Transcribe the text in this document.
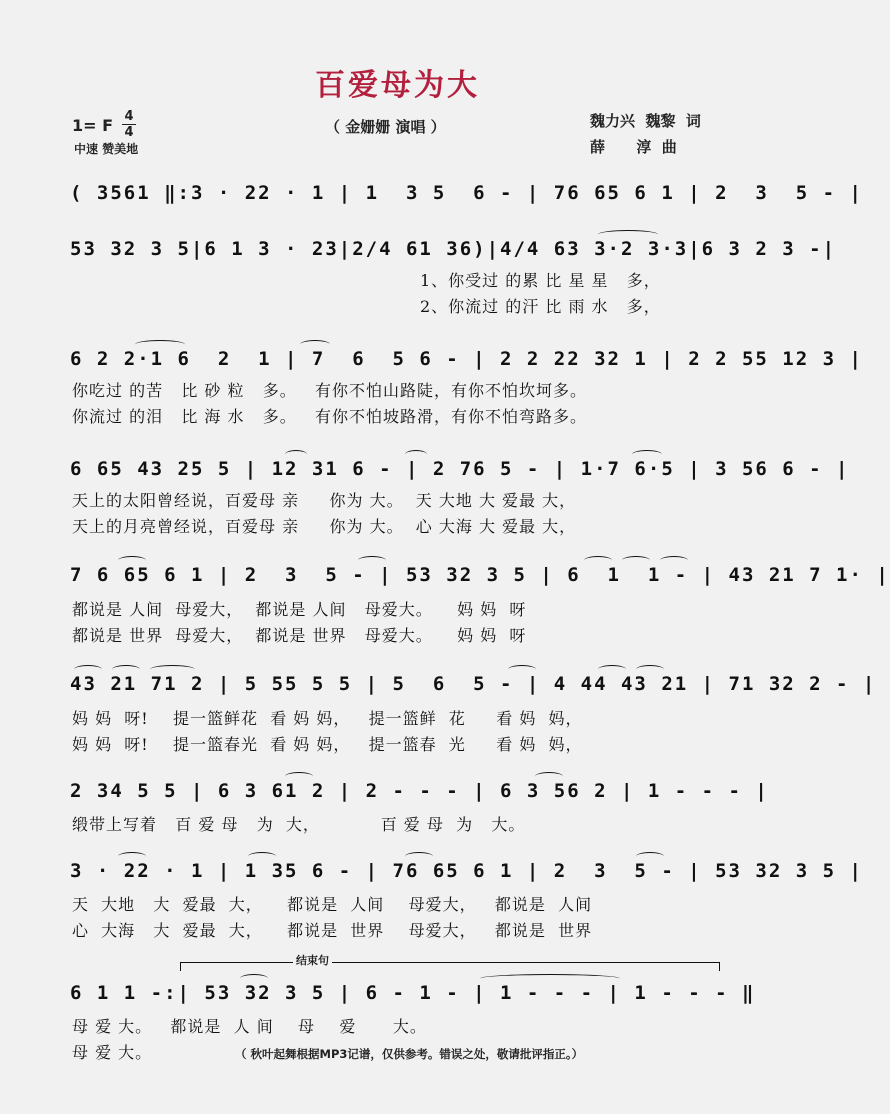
百爱母为大
（ 金姗姗 演唱 ）
1= F 4
4
中速 赞美地
魏力兴  魏黎  词
薛      淳  曲
( 3561 ‖:3 · 22 · 1 | 1  3 5  6 - | 76 65 6 1 | 2  3  5 - |
53 32 3 5|6 1 3 · 23|2/4 61 36)|4/4 63 3·2 3·3|6 3 2 3 -|
1、你受过 的累 比 星 星   多，
2、你流过 的汗 比 雨 水   多，
6 2 2·1 6  2  1 | 7  6  5 6 - | 2 2 22 32 1 | 2 2 55 12 3 |
你吃过 的苦   比 砂 粒   多。   有你不怕山路陡，有你不怕坎坷多。
你流过 的泪   比 海 水   多。   有你不怕坡路滑，有你不怕弯路多。
6 65 43 25 5 | 12 31 6 - | 2 76 5 - | 1·7 6·5 | 3 56 6 - |
天上的太阳曾经说，百爱母 亲     你为 大。  天 大地 大 爱最 大，
天上的月亮曾经说，百爱母 亲     你为 大。  心 大海 大 爱最 大，
7 6 65 6 1 | 2  3  5 - | 53 32 3 5 | 6  1  1 - | 43 21 7 1· |
都说是 人间  母爱大，  都说是 人间   母爱大。    妈 妈  呀
都说是 世界  母爱大，  都说是 世界   母爱大。    妈 妈  呀
43 21 71 2 | 5 55 5 5 | 5  6  5 - | 4 44 43 21 | 71 32 2 - |
妈 妈  呀!    提一篮鲜花  看 妈 妈，   提一篮鲜  花     看 妈  妈，
妈 妈  呀!    提一篮春光  看 妈 妈，   提一篮春  光     看 妈  妈，
2 34 5 5 | 6 3 61 2 | 2 - - - | 6 3 56 2 | 1 - - - |
缎带上写着   百 爱 母   为  大，          百 爱 母  为   大。
3 · 22 · 1 | 1 35 6 - | 76 65 6 1 | 2  3  5 - | 53 32 3 5 |
天  大地   大  爱最  大，    都说是  人间    母爱大，   都说是  人间
心  大海   大  爱最  大，    都说是  世界    母爱大，   都说是  世界
结束句
6 1 1 -:| 53 32 3 5 | 6 - 1 - | 1 - - - | 1 - - - ‖
母 爱 大。   都说是  人 间    母    爱      大。
母 爱 大。	（ 秋叶起舞根据MP3记谱，仅供参考。错误之处，敬请批评指正。）
